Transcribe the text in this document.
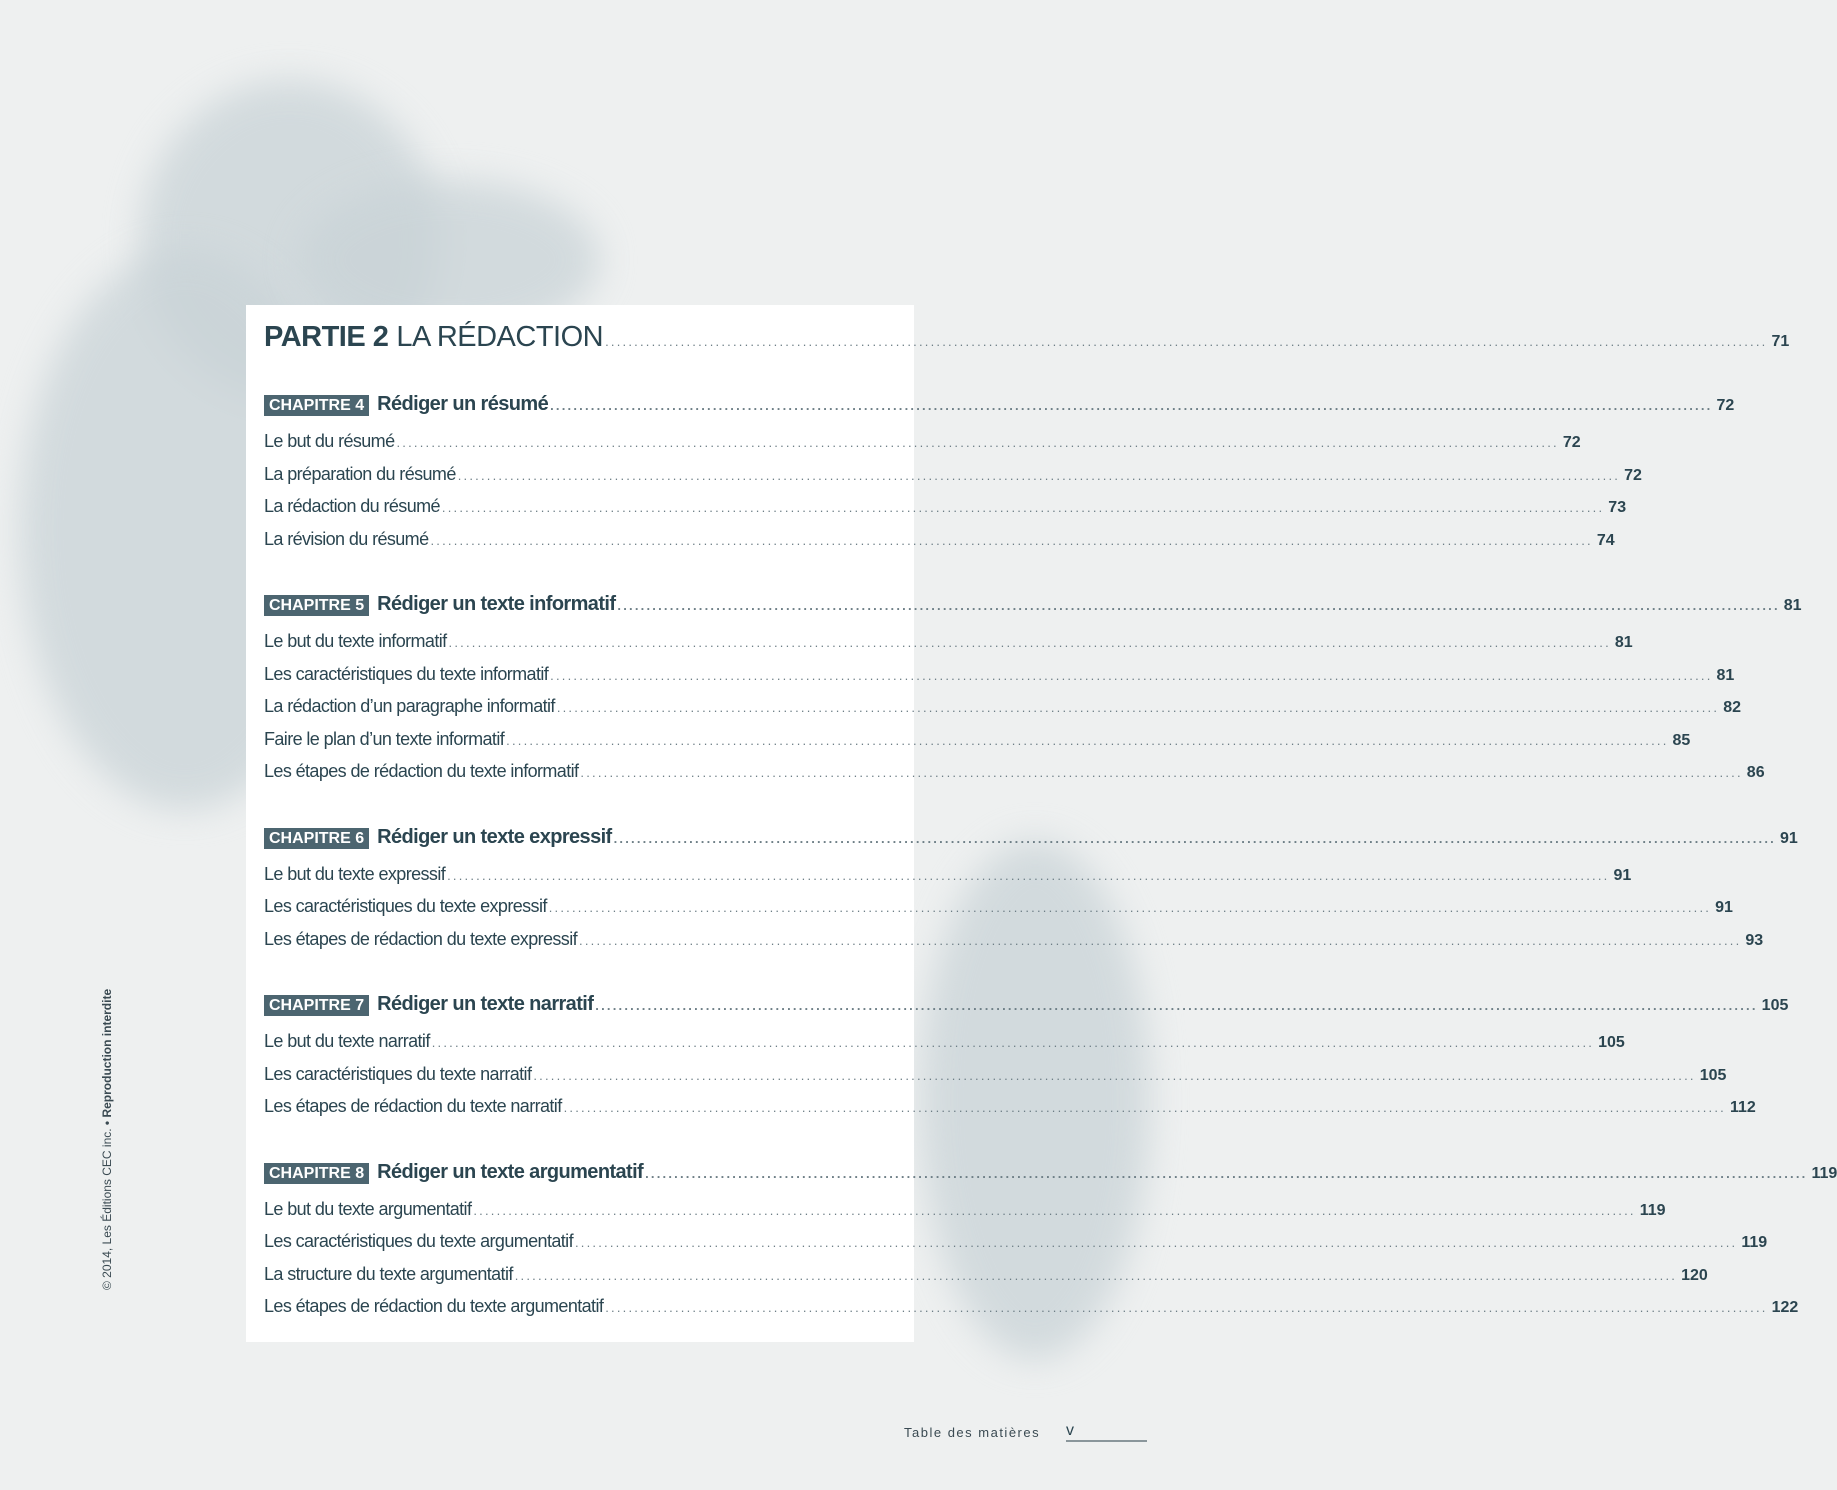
PARTIE 2 LA RÉDACTION ........................................................................................................................................................................................................ 71
CHAPITRE 4 Rédiger un résumé ........................................................................................................................................................................................................ 72
Le but du résumé ........................................................................................................................................................................................................ 72
La préparation du résumé ........................................................................................................................................................................................................ 72
La rédaction du résumé ........................................................................................................................................................................................................ 73
La révision du résumé ........................................................................................................................................................................................................ 74
CHAPITRE 5 Rédiger un texte informatif ........................................................................................................................................................................................................ 81
Le but du texte informatif ........................................................................................................................................................................................................ 81
Les caractéristiques du texte informatif ........................................................................................................................................................................................................ 81
La rédaction d’un paragraphe informatif ........................................................................................................................................................................................................ 82
Faire le plan d’un texte informatif ........................................................................................................................................................................................................ 85
Les étapes de rédaction du texte informatif ........................................................................................................................................................................................................ 86
CHAPITRE 6 Rédiger un texte expressif ........................................................................................................................................................................................................ 91
Le but du texte expressif ........................................................................................................................................................................................................ 91
Les caractéristiques du texte expressif ........................................................................................................................................................................................................ 91
Les étapes de rédaction du texte expressif ........................................................................................................................................................................................................ 93
CHAPITRE 7 Rédiger un texte narratif ........................................................................................................................................................................................................ 105
Le but du texte narratif ........................................................................................................................................................................................................ 105
Les caractéristiques du texte narratif ........................................................................................................................................................................................................ 105
Les étapes de rédaction du texte narratif ........................................................................................................................................................................................................ 112
CHAPITRE 8 Rédiger un texte argumentatif ........................................................................................................................................................................................................ 119
Le but du texte argumentatif ........................................................................................................................................................................................................ 119
Les caractéristiques du texte argumentatif ........................................................................................................................................................................................................ 119
La structure du texte argumentatif ........................................................................................................................................................................................................ 120
Les étapes de rédaction du texte argumentatif ........................................................................................................................................................................................................ 122
© 2014, Les Éditions CEC inc. • Reproduction interdite
Table des matières v
